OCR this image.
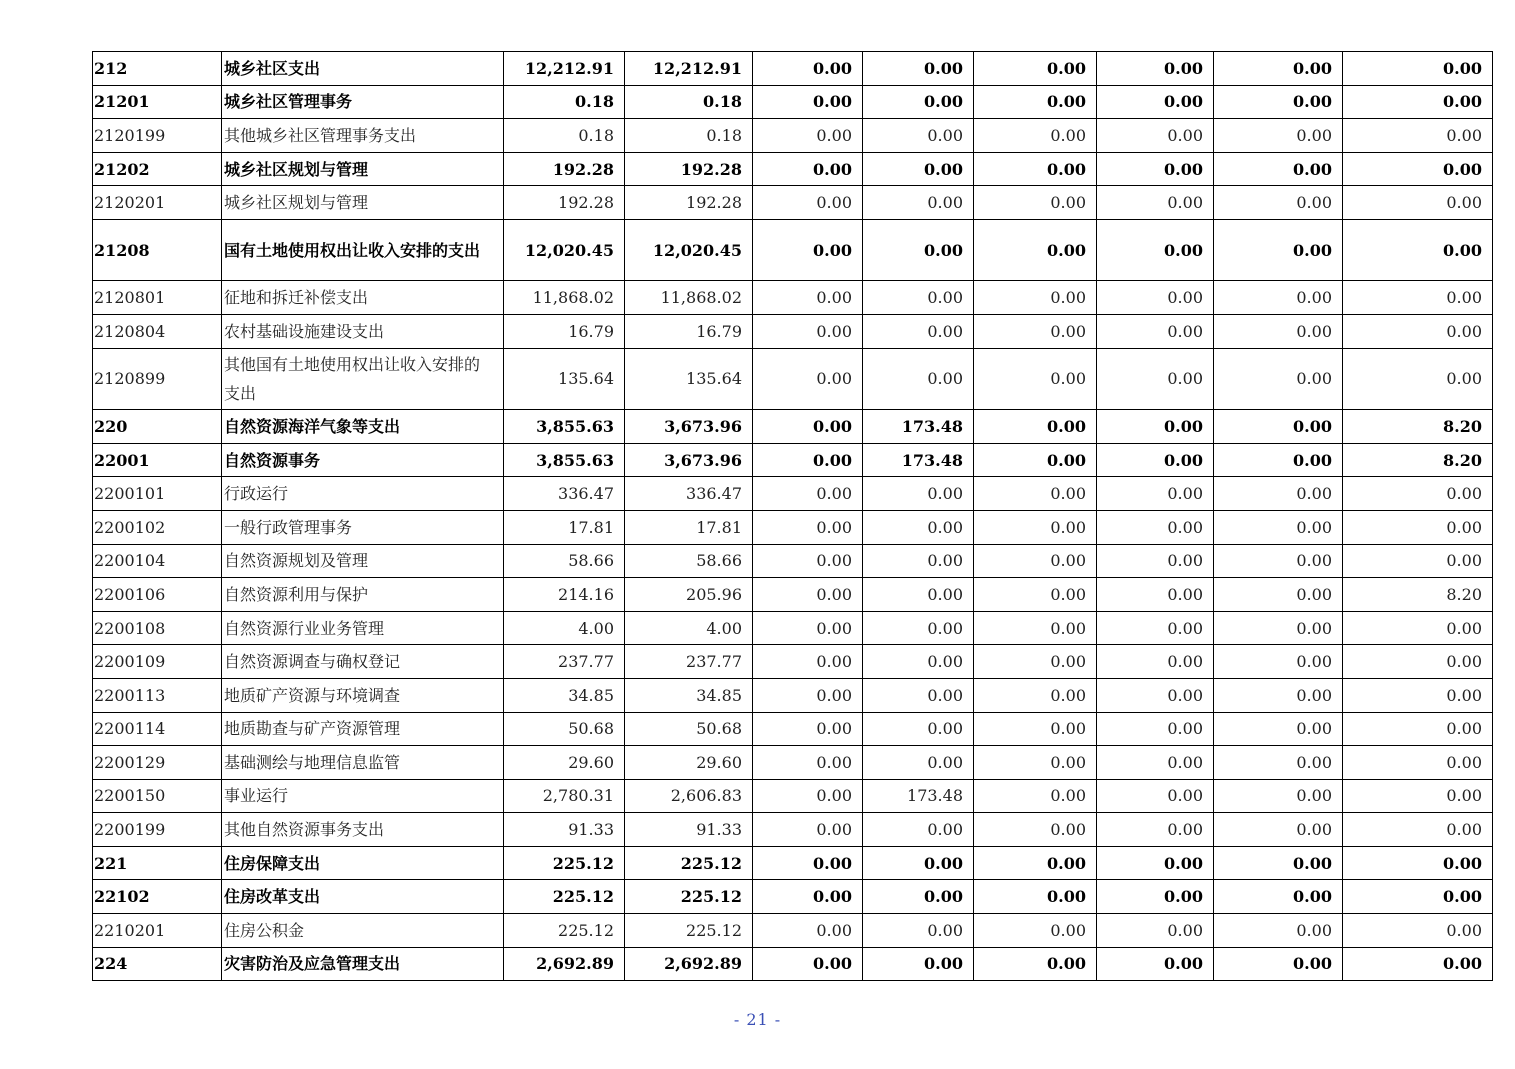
212	城乡社区支出	12,212.91	12,212.91	0.00	0.00	0.00	0.00	0.00	0.00
21201	城乡社区管理事务	0.18	0.18	0.00	0.00	0.00	0.00	0.00	0.00
2120199	其他城乡社区管理事务支出	0.18	0.18	0.00	0.00	0.00	0.00	0.00	0.00
21202	城乡社区规划与管理	192.28	192.28	0.00	0.00	0.00	0.00	0.00	0.00
2120201	城乡社区规划与管理	192.28	192.28	0.00	0.00	0.00	0.00	0.00	0.00
21208	国有土地使用权出让收入安排的支出	12,020.45	12,020.45	0.00	0.00	0.00	0.00	0.00	0.00
2120801	征地和拆迁补偿支出	11,868.02	11,868.02	0.00	0.00	0.00	0.00	0.00	0.00
2120804	农村基础设施建设支出	16.79	16.79	0.00	0.00	0.00	0.00	0.00	0.00
2120899	其他国有土地使用权出让收入安排的支出	135.64	135.64	0.00	0.00	0.00	0.00	0.00	0.00
220	自然资源海洋气象等支出	3,855.63	3,673.96	0.00	173.48	0.00	0.00	0.00	8.20
22001	自然资源事务	3,855.63	3,673.96	0.00	173.48	0.00	0.00	0.00	8.20
2200101	行政运行	336.47	336.47	0.00	0.00	0.00	0.00	0.00	0.00
2200102	一般行政管理事务	17.81	17.81	0.00	0.00	0.00	0.00	0.00	0.00
2200104	自然资源规划及管理	58.66	58.66	0.00	0.00	0.00	0.00	0.00	0.00
2200106	自然资源利用与保护	214.16	205.96	0.00	0.00	0.00	0.00	0.00	8.20
2200108	自然资源行业业务管理	4.00	4.00	0.00	0.00	0.00	0.00	0.00	0.00
2200109	自然资源调查与确权登记	237.77	237.77	0.00	0.00	0.00	0.00	0.00	0.00
2200113	地质矿产资源与环境调查	34.85	34.85	0.00	0.00	0.00	0.00	0.00	0.00
2200114	地质勘查与矿产资源管理	50.68	50.68	0.00	0.00	0.00	0.00	0.00	0.00
2200129	基础测绘与地理信息监管	29.60	29.60	0.00	0.00	0.00	0.00	0.00	0.00
2200150	事业运行	2,780.31	2,606.83	0.00	173.48	0.00	0.00	0.00	0.00
2200199	其他自然资源事务支出	91.33	91.33	0.00	0.00	0.00	0.00	0.00	0.00
221	住房保障支出	225.12	225.12	0.00	0.00	0.00	0.00	0.00	0.00
22102	住房改革支出	225.12	225.12	0.00	0.00	0.00	0.00	0.00	0.00
2210201	住房公积金	225.12	225.12	0.00	0.00	0.00	0.00	0.00	0.00
224	灾害防治及应急管理支出	2,692.89	2,692.89	0.00	0.00	0.00	0.00	0.00	0.00
- 21 -
